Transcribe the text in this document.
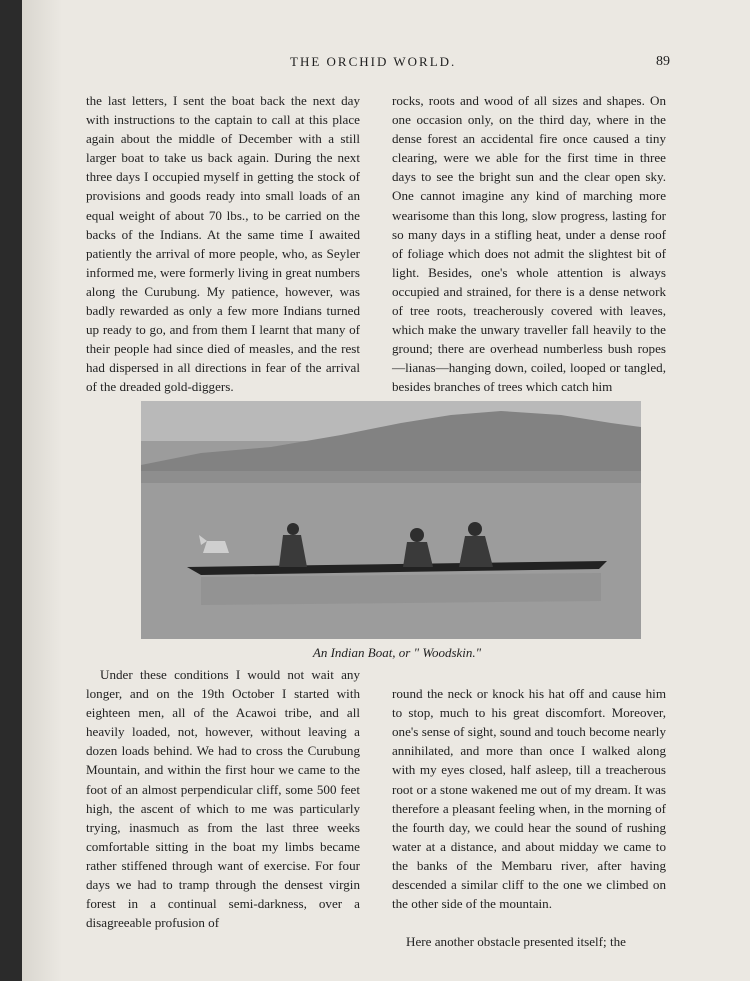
THE ORCHID WORLD.	89

the last letters, I sent the boat back the next day with instructions to the captain to call at this place again about the middle of December with a still larger boat to take us back again. During the next three days I occupied myself in getting the stock of provisions and goods ready into small loads of an equal weight of about 70 lbs., to be carried on the backs of the Indians. At the same time I awaited patiently the arrival of more people, who, as Seyler informed me, were formerly living in great numbers along the Curubung. My patience, however, was badly rewarded as only a few more Indians turned up ready to go, and from them I learnt that many of their people had since died of measles, and the rest had dispersed in all directions in fear of the arrival of the dreaded gold-diggers.

rocks, roots and wood of all sizes and shapes. On one occasion only, on the third day, where in the dense forest an accidental fire once caused a tiny clearing, were we able for the first time in three days to see the bright sun and the clear open sky. One cannot imagine any kind of marching more wearisome than this long, slow progress, lasting for so many days in a stifling heat, under a dense roof of foliage which does not admit the slightest bit of light. Besides, one's whole attention is always occupied and strained, for there is a dense network of tree roots, treacherously covered with leaves, which make the unwary traveller fall heavily to the ground; there are overhead numberless bush ropes—lianas—hanging down, coiled, looped or tangled, besides branches of trees which catch him

An Indian Boat, or " Woodskin."

Under these conditions I would not wait any longer, and on the 19th October I started with eighteen men, all of the Acawoi tribe, and all heavily loaded, not, however, without leaving a dozen loads behind. We had to cross the Curubung Mountain, and within the first hour we came to the foot of an almost perpendicular cliff, some 500 feet high, the ascent of which to me was particularly trying, inasmuch as from the last three weeks comfortable sitting in the boat my limbs became rather stiffened through want of exercise. For four days we had to tramp through the densest virgin forest in a continual semi-darkness, over a disagreeable profusion of

round the neck or knock his hat off and cause him to stop, much to his great discomfort. Moreover, one's sense of sight, sound and touch become nearly annihilated, and more than once I walked along with my eyes closed, half asleep, till a treacherous root or a stone wakened me out of my dream. It was therefore a pleasant feeling when, in the morning of the fourth day, we could hear the sound of rushing water at a distance, and about midday we came to the banks of the Membaru river, after having descended a similar cliff to the one we climbed on the other side of the mountain.

Here another obstacle presented itself; the
